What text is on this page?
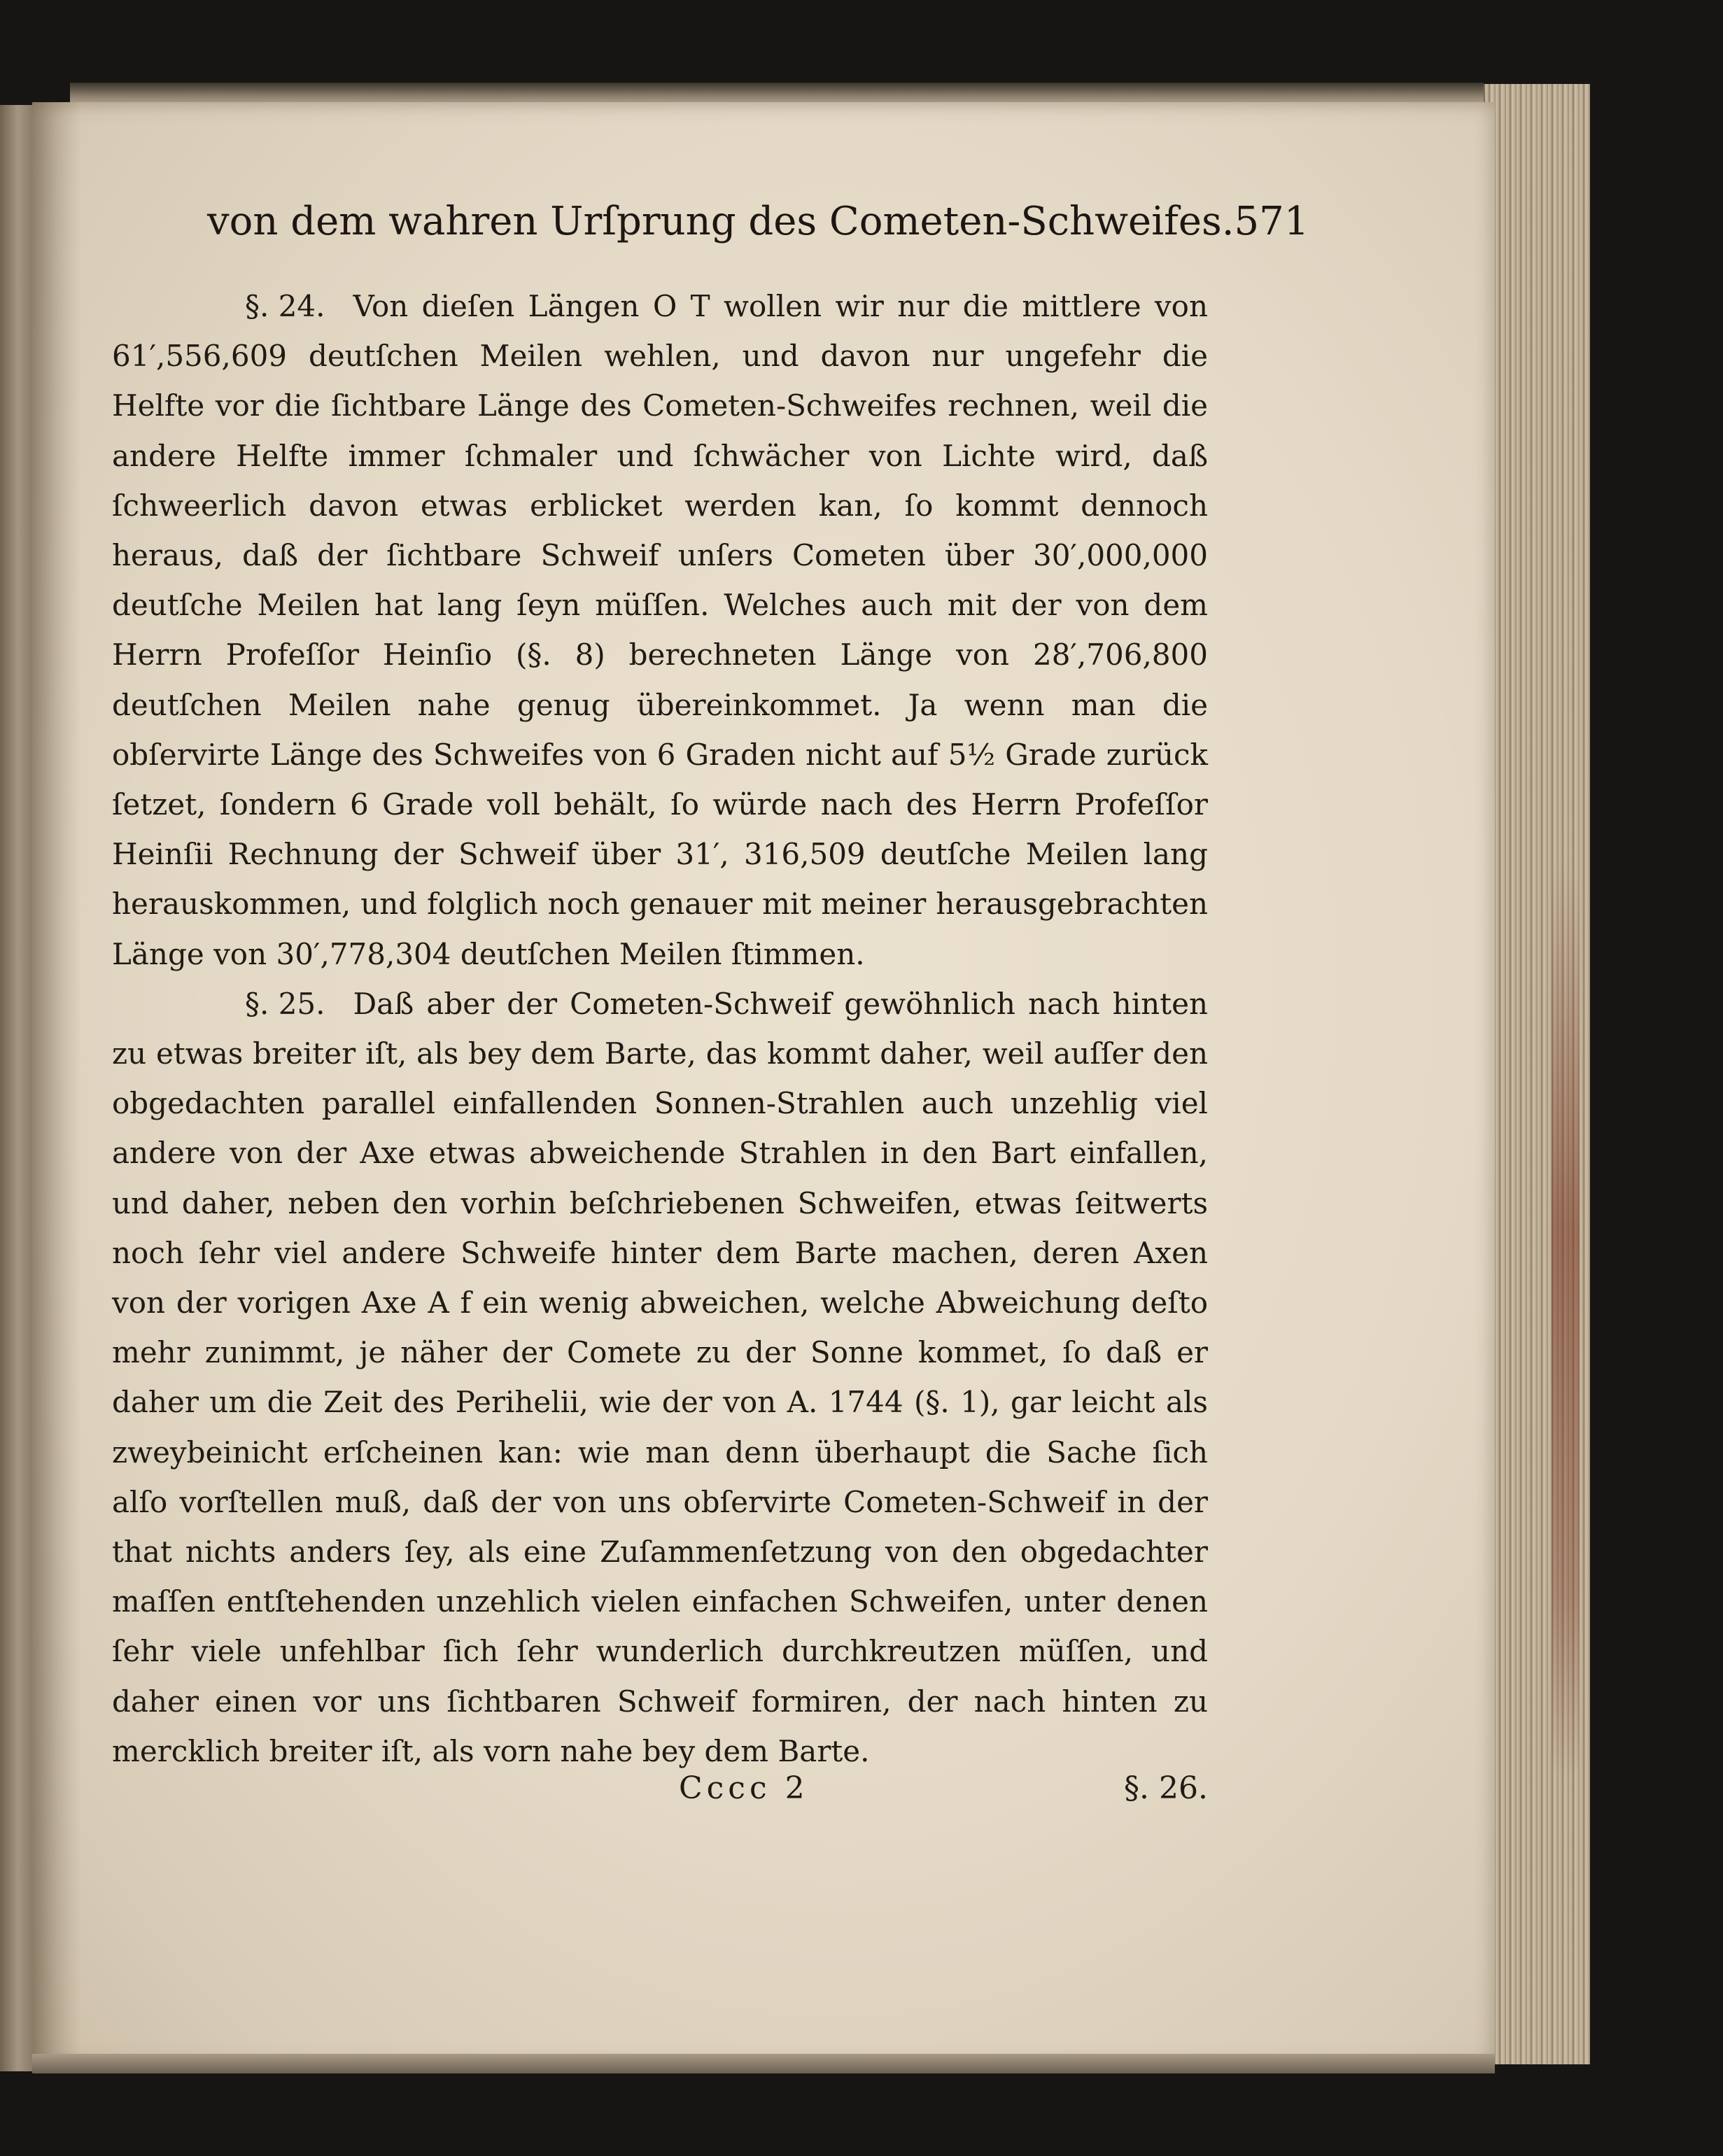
von dem wahren Urſprung des Cometen-Schweifes. 571

§. 24. Von dieſen Längen O T wollen wir nur die mittlere von 61′,556,609 deutſchen Meilen wehlen, und davon nur ungefehr die Helfte vor die ſichtbare Länge des Cometen-Schweifes rechnen, weil die andere Helfte immer ſchmaler und ſchwächer von Lichte wird, daß ſchweerlich davon etwas erblicket werden kan, ſo kommt dennoch heraus, daß der ſichtbare Schweif unſers Cometen über 30′,000,000 deutſche Meilen hat lang ſeyn müſſen. Welches auch mit der von dem Herrn Profeſſor Heinſio (§. 8) berechneten Länge von 28′,706,800 deutſchen Meilen nahe genug übereinkommet. Ja wenn man die obſervirte Länge des Schweifes von 6 Graden nicht auf 5½ Grade zurück ſetzet, ſondern 6 Grade voll behält, ſo würde nach des Herrn Profeſſor Heinſii Rechnung der Schweif über 31′, 316,509 deutſche Meilen lang herauskommen, und folglich noch genauer mit meiner herausgebrachten Länge von 30′,778,304 deutſchen Meilen ſtimmen.

§. 25. Daß aber der Cometen-Schweif gewöhnlich nach hinten zu etwas breiter iſt, als bey dem Barte, das kommt daher, weil auſſer den obgedachten parallel einfallenden Sonnen-Strahlen auch unzehlig viel andere von der Axe etwas abweichende Strahlen in den Bart einfallen, und daher, neben den vorhin beſchriebenen Schweifen, etwas ſeitwerts noch ſehr viel andere Schweife hinter dem Barte machen, deren Axen von der vorigen Axe A f ein wenig abweichen, welche Abweichung deſto mehr zunimmt, je näher der Comete zu der Sonne kommet, ſo daß er daher um die Zeit des Perihelii, wie der von A. 1744 (§. 1), gar leicht als zweybeinicht erſcheinen kan: wie man denn überhaupt die Sache ſich alſo vorſtellen muß, daß der von uns obſervirte Cometen-Schweif in der that nichts anders ſey, als eine Zuſammenſetzung von den obgedachter maſſen entſtehenden unzehlich vielen einfachen Schweifen, unter denen ſehr viele unfehlbar ſich ſehr wunderlich durchkreutzen müſſen, und daher einen vor uns ſichtbaren Schweif formiren, der nach hinten zu mercklich breiter iſt, als vorn nahe bey dem Barte.

Cccc 2	§. 26.
